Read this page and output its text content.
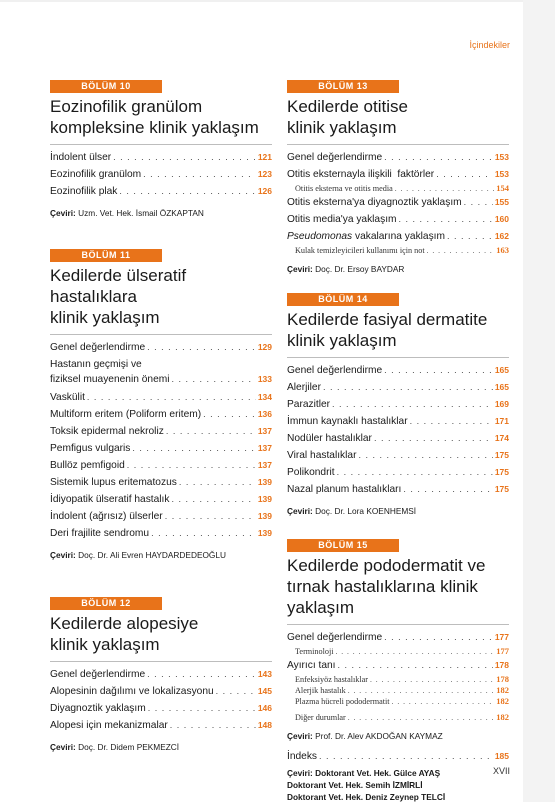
İçindekiler
BÖLÜM 10
Eozinofilik granülom
kompleksine klinik yaklaşım
İndolent ülser . . .	121
Eozinofilik granülom . . .	123
Eozinofilik plak . . .	126
Çeviri: Uzm. Vet. Hek. İsmail ÖZKAPTAN
BÖLÜM 11
Kedilerde ülseratif hastalıklara
klinik yaklaşım
Genel değerlendirme . . .	129
Hastanın geçmişi ve
fiziksel muayenenin önemi . . .	133
Vaskülit . . .	134
Multiform eritem (Poliform eritem) . . .	136
Toksik epidermal nekroliz . . .	137
Pemfigus vulgaris . . .	137
Bullöz pemfigoid . . .	137
Sistemik lupus eritematozus . . .	139
İdiyopatik ülseratif hastalık . . .	139
İndolent (ağrısız) ülserler . . .	139
Deri frajilite sendromu . . .	139
Çeviri: Doç. Dr. Ali Evren HAYDARDEDEOĞLU
BÖLÜM 12
Kedilerde alopesiye
klinik yaklaşım
Genel değerlendirme . . .	143
Alopesinin dağılımı ve lokalizasyonu . . .	145
Diyagnoztik yaklaşım . . .	146
Alopesi için mekanizmalar . . .	148
Çeviri: Doç. Dr. Didem PEKMEZCİ
BÖLÜM 13
Kedilerde otitise
klinik yaklaşım
Genel değerlendirme . . .	153
Otitis eksternayla ilişkili  faktörler . . .	153
Otitis eksterna ve otitis media . . .	154
Otitis eksterna'ya diyagnoztik yaklaşım . . .	155
Otitis media'ya yaklaşım . . .	160
Pseudomonas vakalarına yaklaşım . . .	162
Kulak temizleyicileri kullanımı için not . . .	163
Çeviri: Doç. Dr. Ersoy BAYDAR
BÖLÜM 14
Kedilerde fasiyal dermatite
klinik yaklaşım
Genel değerlendirme . . .	165
Alerjiler . . .	165
Parazitler . . .	169
İmmun kaynaklı hastalıklar . . .	171
Nodüler hastalıklar . . .	174
Viral hastalıklar . . .	175
Polikondrit . . .	175
Nazal planum hastalıkları . . .	175
Çeviri: Doç. Dr. Lora KOENHEMSİ
BÖLÜM 15
Kedilerde pododermatit ve
tırnak hastalıklarına klinik
yaklaşım
Genel değerlendirme . . .	177
Terminoloji . . .	177
Ayırıcı tanı . . .	178
Enfeksiyöz hastalıklar . . .	178
Alerjik hastalık . . .	182
Plazma hücreli pododermatit . . .	182
Diğer durumlar . . .	182
Çeviri: Prof. Dr. Alev AKDOĞAN KAYMAZ
İndeks . . .	185
Çeviri: Doktorant Vet. Hek. Gülce AYAŞ
Doktorant Vet. Hek. Semih İZMİRLİ
Doktorant Vet. Hek. Deniz Zeynep TELCİ
XVII
